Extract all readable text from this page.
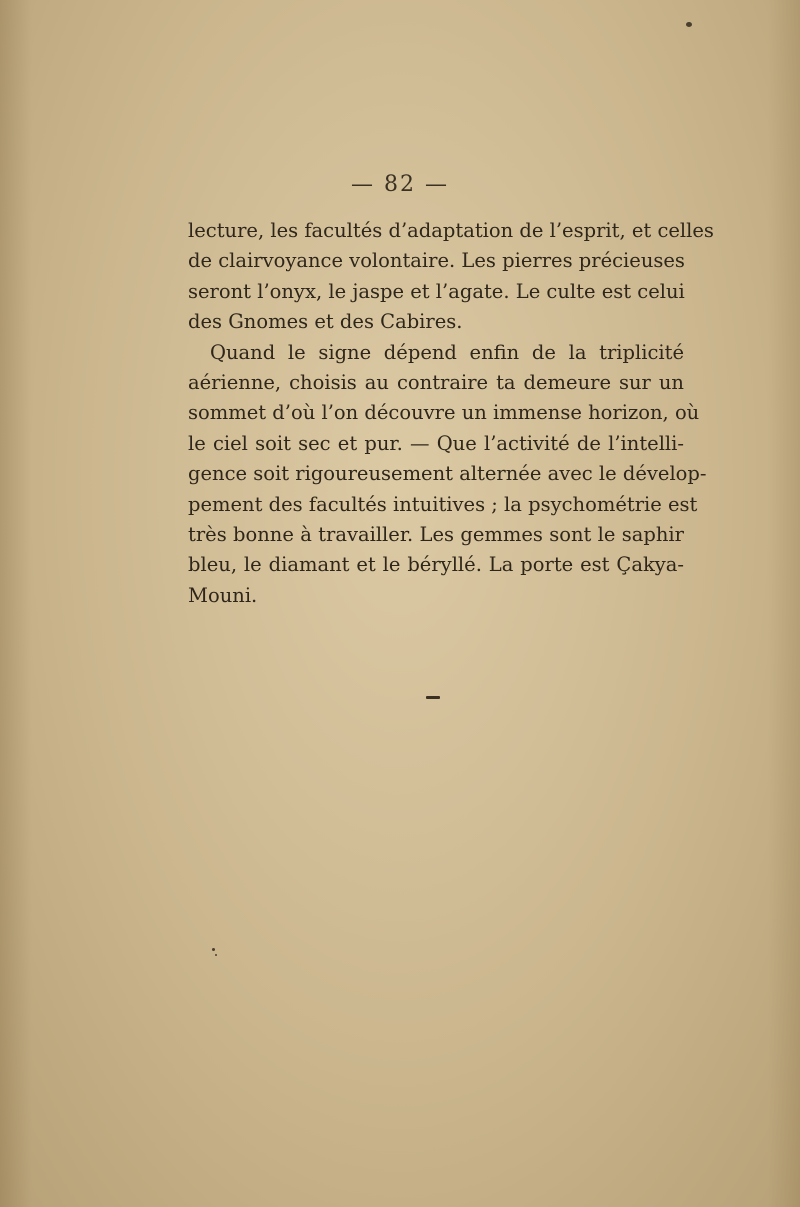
— 82 —
lecture, les facultés d’adaptation de l’esprit, et celles
de clairvoyance volontaire. Les pierres précieuses
seront l’onyx, le jaspe et l’agate. Le culte est celui
des Gnomes et des Cabires.
Quand le signe dépend enfin de la triplicité
aérienne, choisis au contraire ta demeure sur un
sommet d’où l’on découvre un immense horizon, où
le ciel soit sec et pur. — Que l’activité de l’intelli-
gence soit rigoureusement alternée avec le dévelop-
pement des facultés intuitives ; la psychométrie est
très bonne à travailler. Les gemmes sont le saphir
bleu, le diamant et le béryllé. La porte est Çakya-
Mouni.
